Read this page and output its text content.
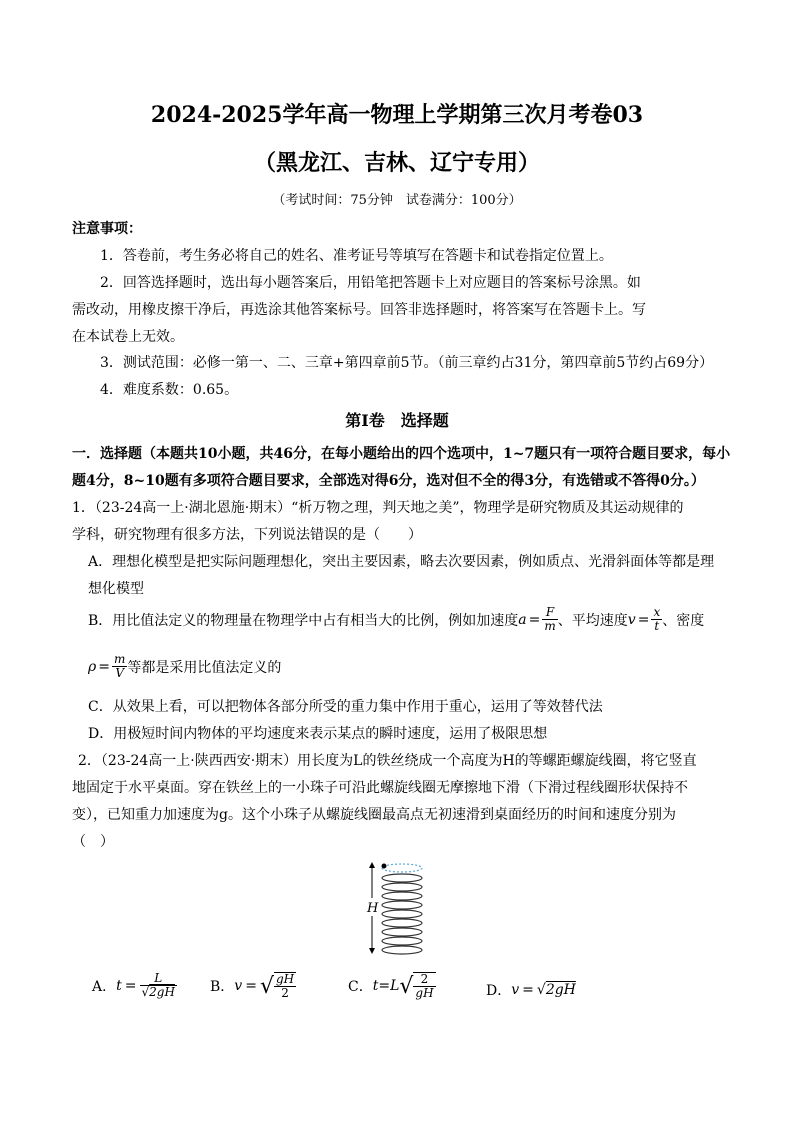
2024-2025学年高一物理上学期第三次月考卷03
（黑龙江、吉林、辽宁专用）
（考试时间：75分钟　试卷满分：100分）
注意事项：
1．答卷前，考生务必将自己的姓名、准考证号等填写在答题卡和试卷指定位置上。
2．回答选择题时，选出每小题答案后，用铅笔把答题卡上对应题目的答案标号涂黑。如
需改动，用橡皮擦干净后，再选涂其他答案标号。回答非选择题时，将答案写在答题卡上。写
在本试卷上无效。
3．测试范围：必修一第一、二、三章+第四章前5节。（前三章约占31分，第四章前5节约占69分）
4．难度系数：0.65。
第Ⅰ卷　选择题
一．选择题（本题共10小题，共46分，在每小题给出的四个选项中，1~7题只有一项符合题目要求，每小
题4分，8~10题有多项符合题目要求，全部选对得6分，选对但不全的得3分，有选错或不答得0分。）
1．（23-24高一上·湖北恩施·期末）“析万物之理，判天地之美”，物理学是研究物质及其运动规律的
学科，研究物理有很多方法，下列说法错误的是（　　）
A．理想化模型是把实际问题理想化，突出主要因素，略去次要因素，例如质点、光滑斜面体等都是理
想化模型
B．用比值法定义的物理量在物理学中占有相当大的比例，例如加速度 $a = \frac{F}{m}$ 、平均速度 $v = \frac{x}{t}$ 、密度
$\rho = \frac{m}{V}$ 等都是采用比值法定义的
C．从效果上看，可以把物体各部分所受的重力集中作用于重心，运用了等效替代法
D．用极短时间内物体的平均速度来表示某点的瞬时速度，运用了极限思想
2．（23-24高一上·陕西西安·期末）用长度为L的铁丝绕成一个高度为H的等螺距螺旋线圈，将它竖直
地固定于水平桌面。穿在铁丝上的一小珠子可沿此螺旋线圈无摩擦地下滑（下滑过程线圈形状保持不
变），已知重力加速度为g。这个小珠子从螺旋线圈最高点无初速滑到桌面经历的时间和速度分别为
（　）
H
A． $t = \frac{L}{√2gH}$ B． v = √ $\frac{gH}{2}$	C． t=L √ $\frac{2}{gH}$	D． v = √ 2gH
